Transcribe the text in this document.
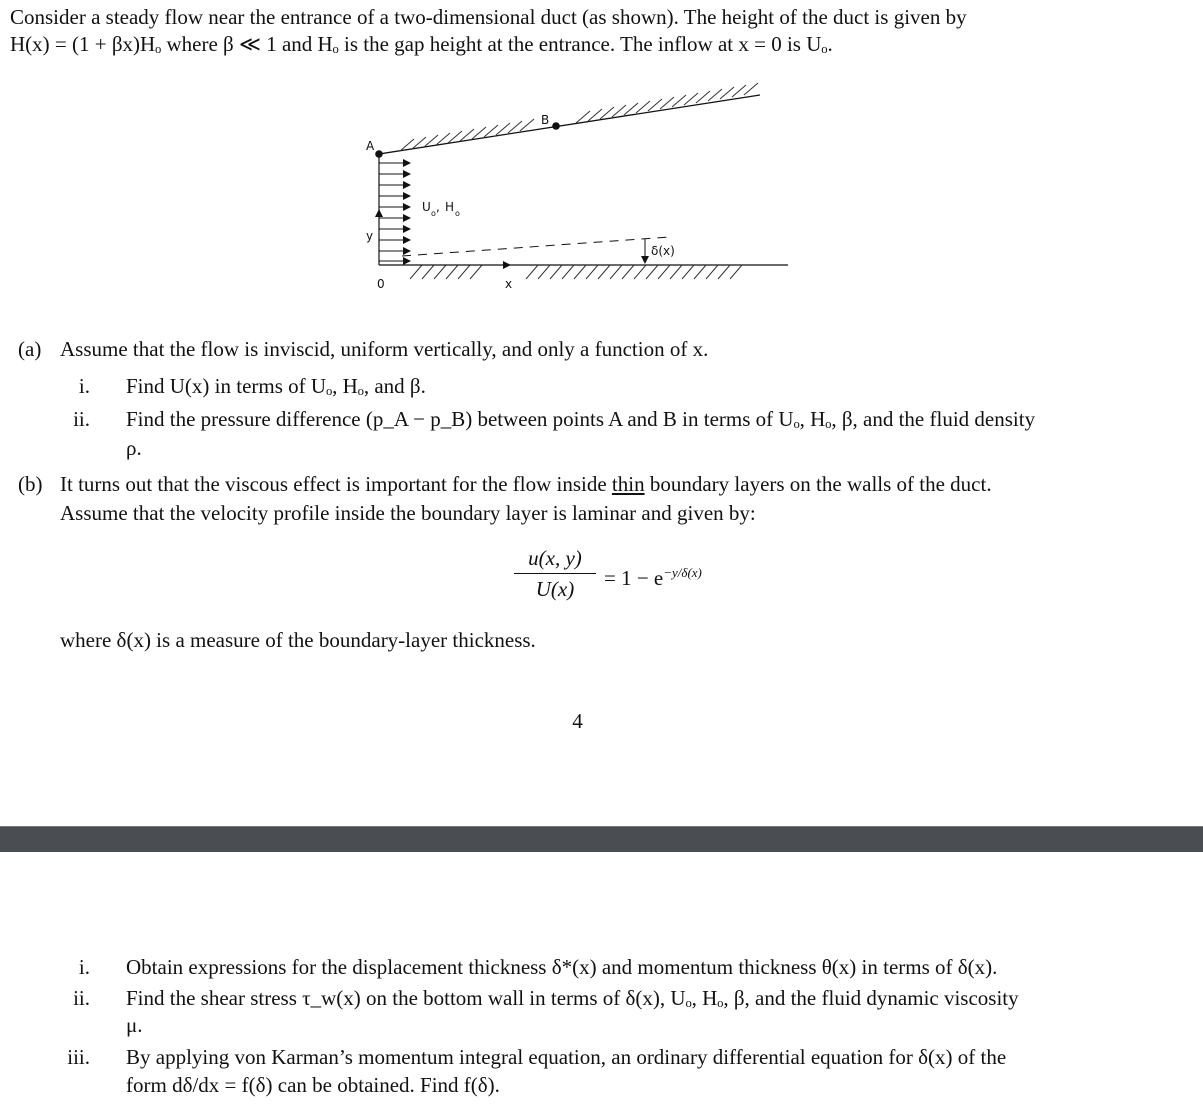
Consider a steady flow near the entrance of a two-dimensional duct (as shown). The height of the duct is given by

H(x) = (1 + βx)Hₒ where β ≪ 1 and Hₒ is the gap height at the entrance. The inflow at x = 0 is Uₒ.

A
B
U o , H o
y
0	x
δ(x)
(a) Assume that the flow is inviscid, uniform vertically, and only a function of x.
i. Find U(x) in terms of Uₒ, Hₒ, and β.
ii. Find the pressure difference (p_A − p_B) between points A and B in terms of Uₒ, Hₒ, β, and the fluid density
ρ.
(b) It turns out that the viscous effect is important for the flow inside thin boundary layers on the walls of the duct.
Assume that the velocity profile inside the boundary layer is laminar and given by:
where δ(x) is a measure of the boundary-layer thickness.
u(x, y)
U(x)	= $1 - e^{-y/\delta(x)}$
4
i. Obtain expressions for the displacement thickness δ*(x) and momentum thickness θ(x) in terms of δ(x).
ii. Find the shear stress τ_w(x) on the bottom wall in terms of δ(x), Uₒ, Hₒ, β, and the fluid dynamic viscosity
μ.
iii. By applying von Karman’s momentum integral equation, an ordinary differential equation for δ(x) of the
form dδ/dx = f(δ) can be obtained. Find f(δ).
